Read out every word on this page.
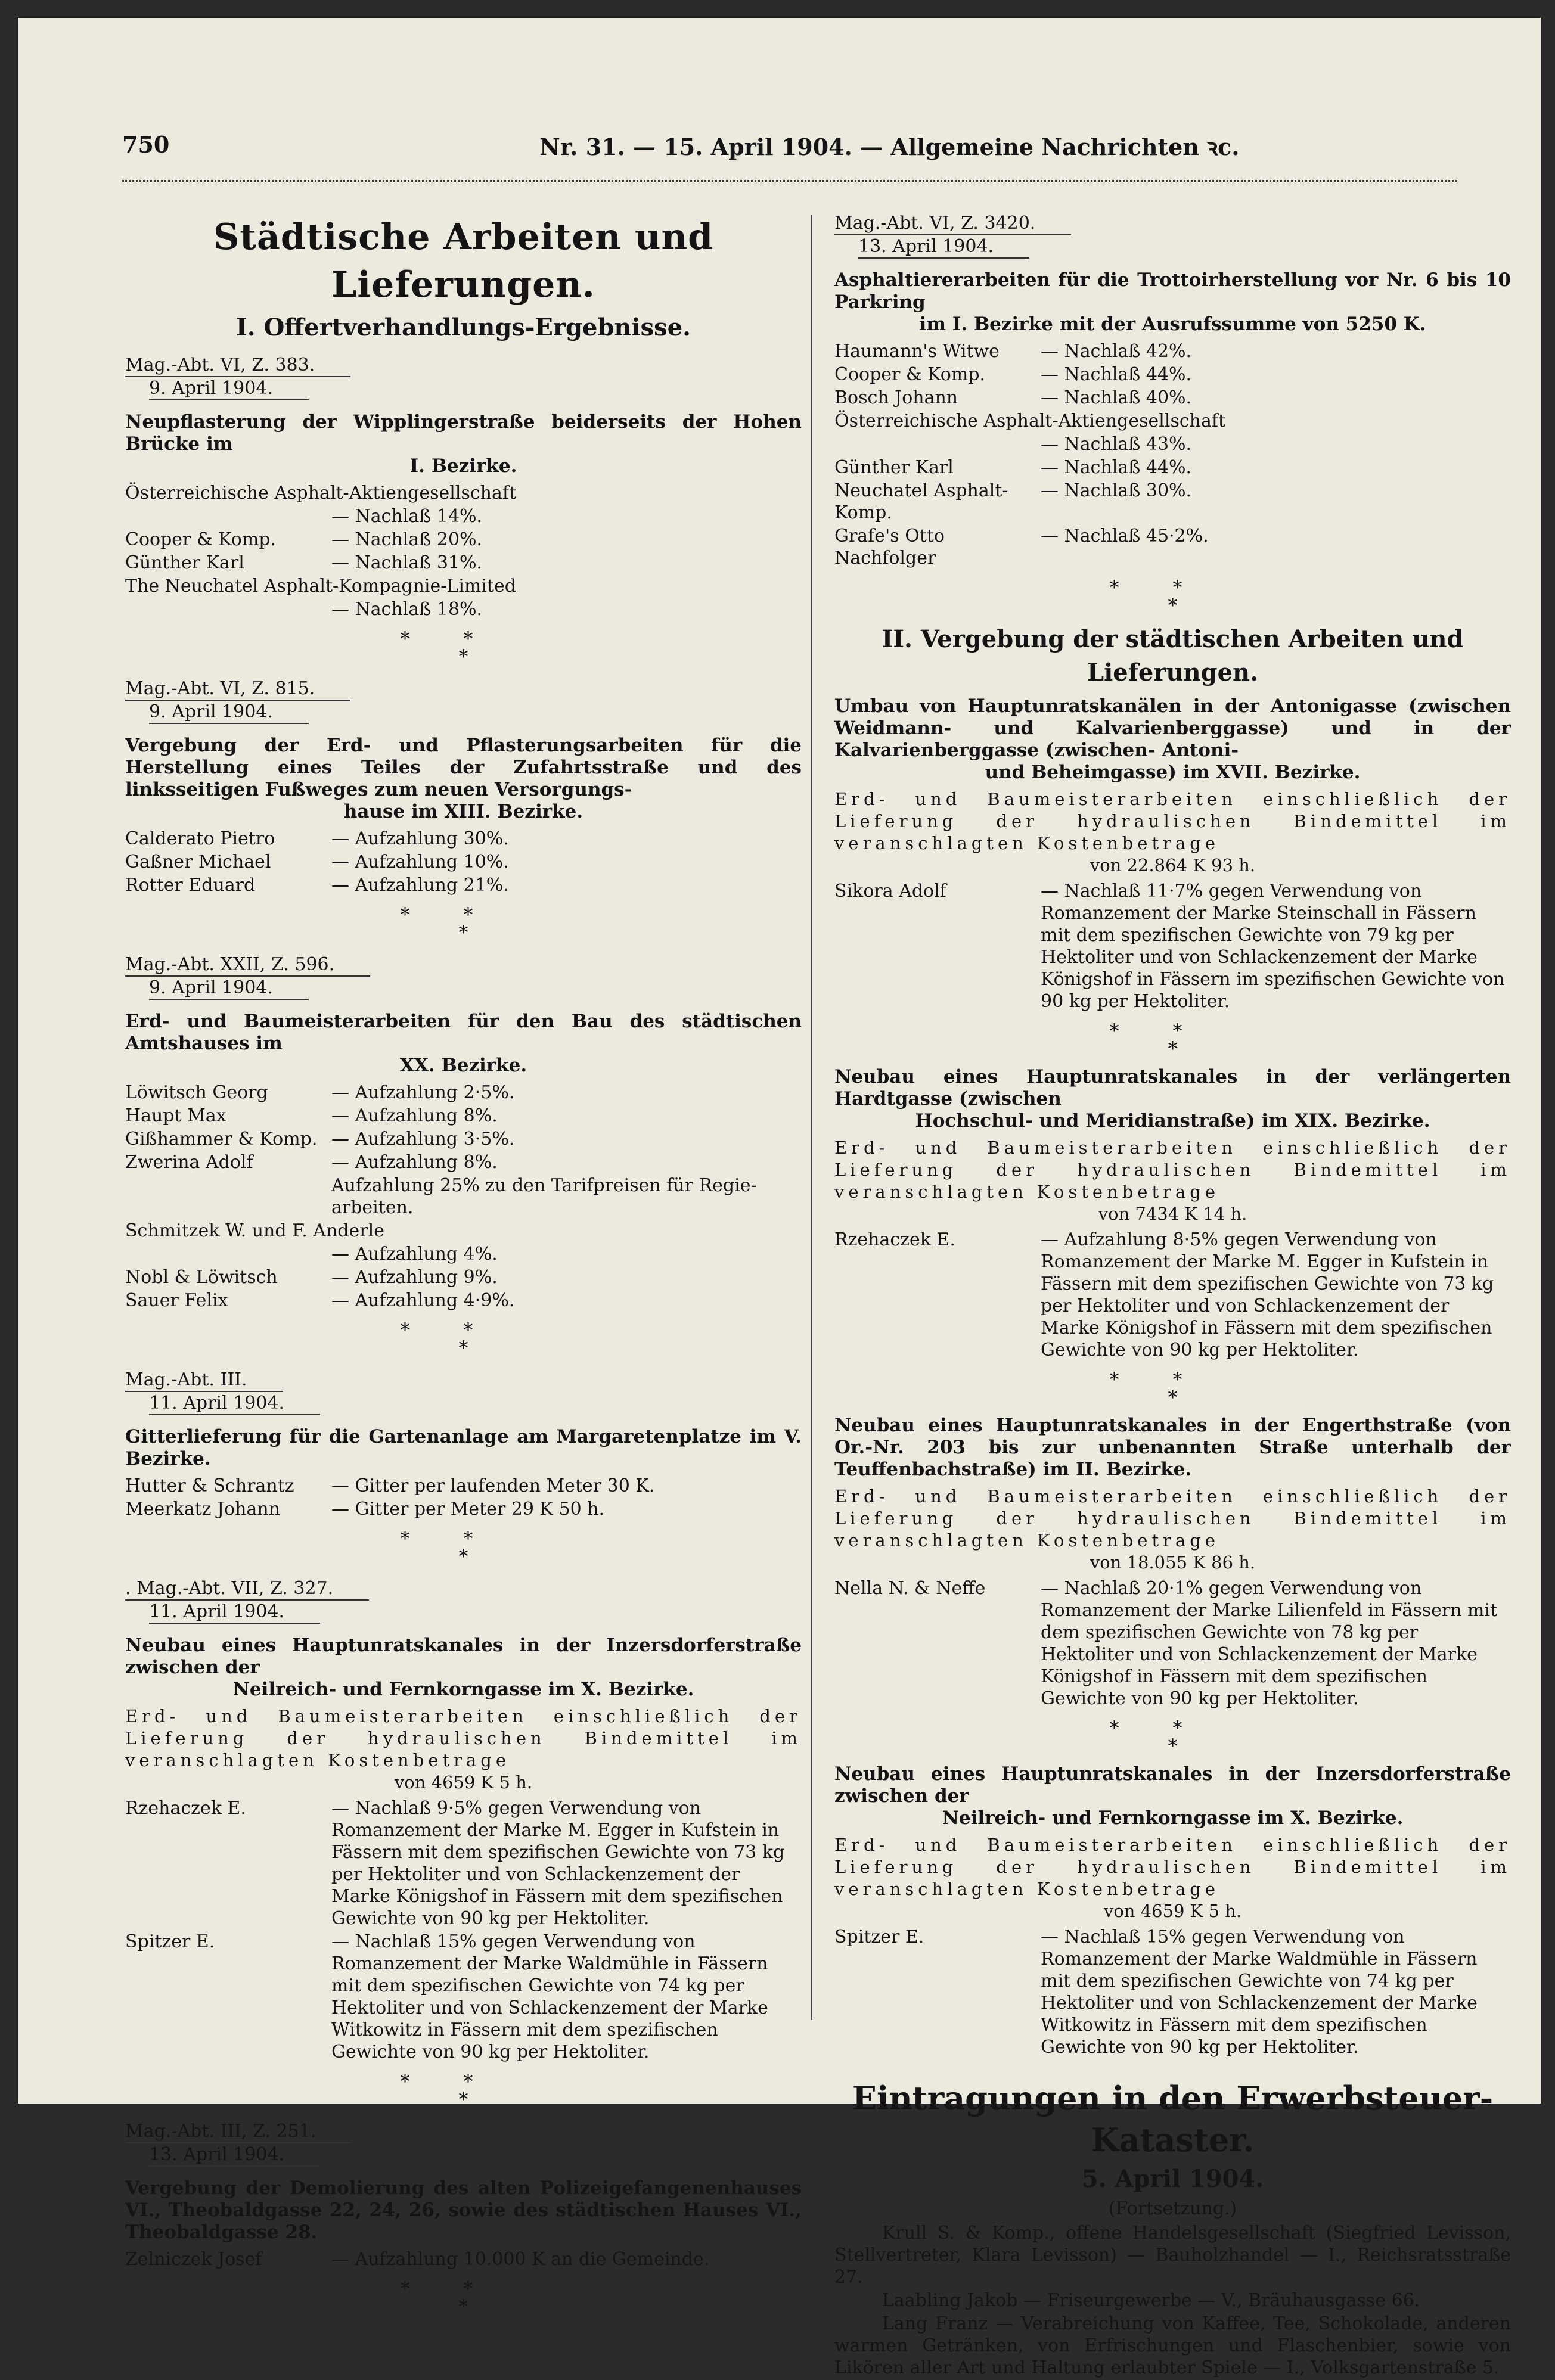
750	Nr. 31. — 15. April 1904. — Allgemeine Nachrichten ꝛc.
Städtische Arbeiten und Lieferungen.
I. Offertverhandlungs-Ergebnisse.
Mag.-Abt. VI, Z. 383.
9. April 1904.
Neupflasterung der Wipplingerstraße beiderseits der Hohen Brücke im
I. Bezirke.
Österreichische Asphalt-Aktiengesellschaft	
	— Nachlaß 14%.
Cooper & Komp.	— Nachlaß 20%.
Günther Karl	— Nachlaß 31%.
The Neuchatel Asphalt-Kompagnie-Limited	
	— Nachlaß 18%.
**
*
Mag.-Abt. VI, Z. 815.
9. April 1904.
Vergebung der Erd- und Pflasterungsarbeiten für die Herstellung eines Teiles der Zufahrtsstraße und des linksseitigen Fußweges zum neuen Versorgungs-
hause im XIII. Bezirke.
Calderato Pietro	— Aufzahlung 30%.
Gaßner Michael	— Aufzahlung 10%.
Rotter Eduard	— Aufzahlung 21%.
**
*
Mag.-Abt. XXII, Z. 596.
9. April 1904.
Erd- und Baumeisterarbeiten für den Bau des städtischen Amtshauses im
XX. Bezirke.
Löwitsch Georg	— Aufzahlung 2·5%.
Haupt Max	— Aufzahlung 8%.
Gißhammer & Komp.	— Aufzahlung 3·5%.
Zwerina Adolf	— Aufzahlung 8%.
	Aufzahlung 25% zu den Tarifpreisen für Regie-arbeiten.
Schmitzek W. und F. Anderle	
	— Aufzahlung 4%.
Nobl & Löwitsch	— Aufzahlung 9%.
Sauer Felix	— Aufzahlung 4·9%.
**
*
Mag.-Abt. III.
11. April 1904.
Gitterlieferung für die Gartenanlage am Margaretenplatze im V. Bezirke.
Hutter & Schrantz	— Gitter per laufenden Meter 30 K.
Meerkatz Johann	— Gitter per Meter 29 K 50 h.
**
*
. Mag.-Abt. VII, Z. 327.
11. April 1904.
Neubau eines Hauptunratskanales in der Inzersdorferstraße zwischen der
Neilreich- und Fernkorngasse im X. Bezirke.
Erd- und Baumeisterarbeiten einschließlich der Lieferung der hydraulischen Bindemittel im veranschlagten Kostenbetrage
von 4659 K 5 h.
Rzehaczek E.	— Nachlaß 9·5% gegen Verwendung von Romanzement der Marke M. Egger in Kufstein in Fässern mit dem spezifischen Gewichte von 73 kg per Hektoliter und von Schlackenzement der Marke Königshof in Fässern mit dem spezifischen Gewichte von 90 kg per Hektoliter.
Spitzer E.	— Nachlaß 15% gegen Verwendung von Romanzement der Marke Waldmühle in Fässern mit dem spezifischen Gewichte von 74 kg per Hektoliter und von Schlackenzement der Marke Witkowitz in Fässern mit dem spezifischen Gewichte von 90 kg per Hektoliter.
**
*
Mag.-Abt. III, Z. 251.
13. April 1904.
Vergebung der Demolierung des alten Polizeigefangenenhauses VI., Theobaldgasse 22, 24, 26, sowie des städtischen Hauses VI., Theobaldgasse 28.
Zelniczek Josef	— Aufzahlung 10.000 K an die Gemeinde.
**
*
Mag.-Abt. VI, Z. 3420.
13. April 1904.
Asphaltiererarbeiten für die Trottoirherstellung vor Nr. 6 bis 10 Parkring
im I. Bezirke mit der Ausrufssumme von 5250 K.
Haumann's Witwe	— Nachlaß 42%.
Cooper & Komp.	— Nachlaß 44%.
Bosch Johann	— Nachlaß 40%.
Österreichische Asphalt-Aktiengesellschaft	
	— Nachlaß 43%.
Günther Karl	— Nachlaß 44%.
Neuchatel Asphalt-Komp.	— Nachlaß 30%.
Grafe's Otto Nachfolger	— Nachlaß 45·2%.
**
*
II. Vergebung der städtischen Arbeiten und Lieferungen.
Umbau von Hauptunratskanälen in der Antonigasse (zwischen Weidmann- und Kalvarienberggasse) und in der Kalvarienberggasse (zwischen- Antoni-
und Beheimgasse) im XVII. Bezirke.
Erd- und Baumeisterarbeiten einschließlich der Lieferung der hydraulischen Bindemittel im veranschlagten Kostenbetrage
von 22.864 K 93 h.
Sikora Adolf	— Nachlaß 11·7% gegen Verwendung von Romanzement der Marke Steinschall in Fässern mit dem spezifischen Gewichte von 79 kg per Hektoliter und von Schlackenzement der Marke Königshof in Fässern im spezifischen Gewichte von 90 kg per Hektoliter.
**
*
Neubau eines Hauptunratskanales in der verlängerten Hardtgasse (zwischen
Hochschul- und Meridianstraße) im XIX. Bezirke.
Erd- und Baumeisterarbeiten einschließlich der Lieferung der hydraulischen Bindemittel im veranschlagten Kostenbetrage
von 7434 K 14 h.
Rzehaczek E.	— Aufzahlung 8·5% gegen Verwendung von Romanzement der Marke M. Egger in Kufstein in Fässern mit dem spezifischen Gewichte von 73 kg per Hektoliter und von Schlackenzement der Marke Königshof in Fässern mit dem spezifischen Gewichte von 90 kg per Hektoliter.
**
*
Neubau eines Hauptunratskanales in der Engerthstraße (von Or.-Nr. 203 bis zur unbenannten Straße unterhalb der Teuffenbachstraße) im II. Bezirke.
Erd- und Baumeisterarbeiten einschließlich der Lieferung der hydraulischen Bindemittel im veranschlagten Kostenbetrage
von 18.055 K 86 h.
Nella N. & Neffe	— Nachlaß 20·1% gegen Verwendung von Romanzement der Marke Lilienfeld in Fässern mit dem spezifischen Gewichte von 78 kg per Hektoliter und von Schlackenzement der Marke Königshof in Fässern mit dem spezifischen Gewichte von 90 kg per Hektoliter.
**
*
Neubau eines Hauptunratskanales in der Inzersdorferstraße zwischen der
Neilreich- und Fernkorngasse im X. Bezirke.
Erd- und Baumeisterarbeiten einschließlich der Lieferung der hydraulischen Bindemittel im veranschlagten Kostenbetrage
von 4659 K 5 h.
Spitzer E.	— Nachlaß 15% gegen Verwendung von Romanzement der Marke Waldmühle in Fässern mit dem spezifischen Gewichte von 74 kg per Hektoliter und von Schlackenzement der Marke Witkowitz in Fässern mit dem spezifischen Gewichte von 90 kg per Hektoliter.
Eintragungen in den Erwerbsteuer-Kataster.
5. April 1904.
(Fortsetzung.)
Krull S. & Komp., offene Handelsgesellschaft (Siegfried Levisson, Stellvertreter, Klara Levisson) — Bauholzhandel — I., Reichsratsstraße 27.
Laabling Jakob — Friseurgewerbe — V., Bräuhausgasse 66.
Lang Franz — Verabreichung von Kaffee, Tee, Schokolade, anderen warmen Getränken, von Erfrischungen und Flaschenbier, sowie von Likören aller Art und Haltung erlaubter Spiele — I., Volksgartenstraße 5.
